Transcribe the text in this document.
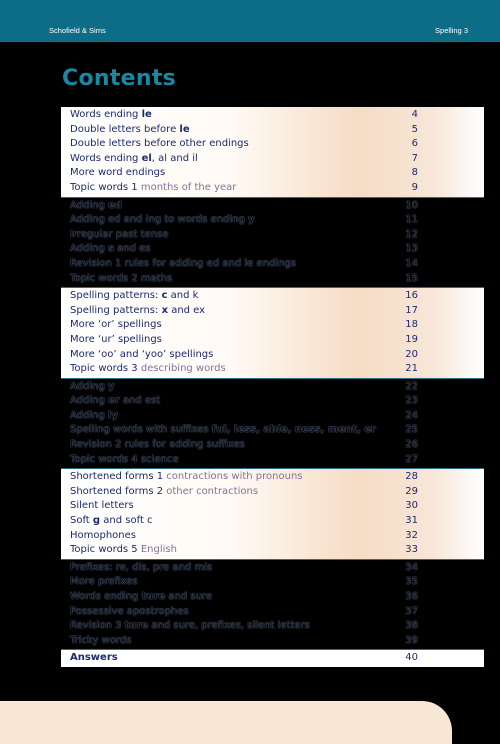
Schofield & Sims	Spelling 3
Contents
Words ending le	4
Double letters before le	5
Double letters before other endings	6
Words ending el, al and il	7
More word endings	8
Topic words 1 months of the year	9
Adding ed	10
Adding ed and ing to words ending y	11
Irregular past tense	12
Adding s and es	13
Revision 1 rules for adding ed and le endings	14
Topic words 2 maths	15
Spelling patterns: c and k	16
Spelling patterns: x and ex	17
More ‘or’ spellings	18
More ‘ur’ spellings	19
More ‘oo’ and ‘yoo’ spellings	20
Topic words 3 describing words	21
Adding y	22
Adding er and est	23
Adding ly	24
Spelling words with suffixes ful, less, able, ness, ment, er	25
Revision 2 rules for adding suffixes	26
Topic words 4 science	27
Shortened forms 1 contractions with pronouns	28
Shortened forms 2 other contractions	29
Silent letters	30
Soft g and soft c	31
Homophones	32
Topic words 5 English	33
Prefixes: re, dis, pre and mis	34
More prefixes	35
Words ending ture and sure	36
Possessive apostrophes	37
Revision 3 ture and sure, prefixes, silent letters	38
Tricky words	39
Answers	40
